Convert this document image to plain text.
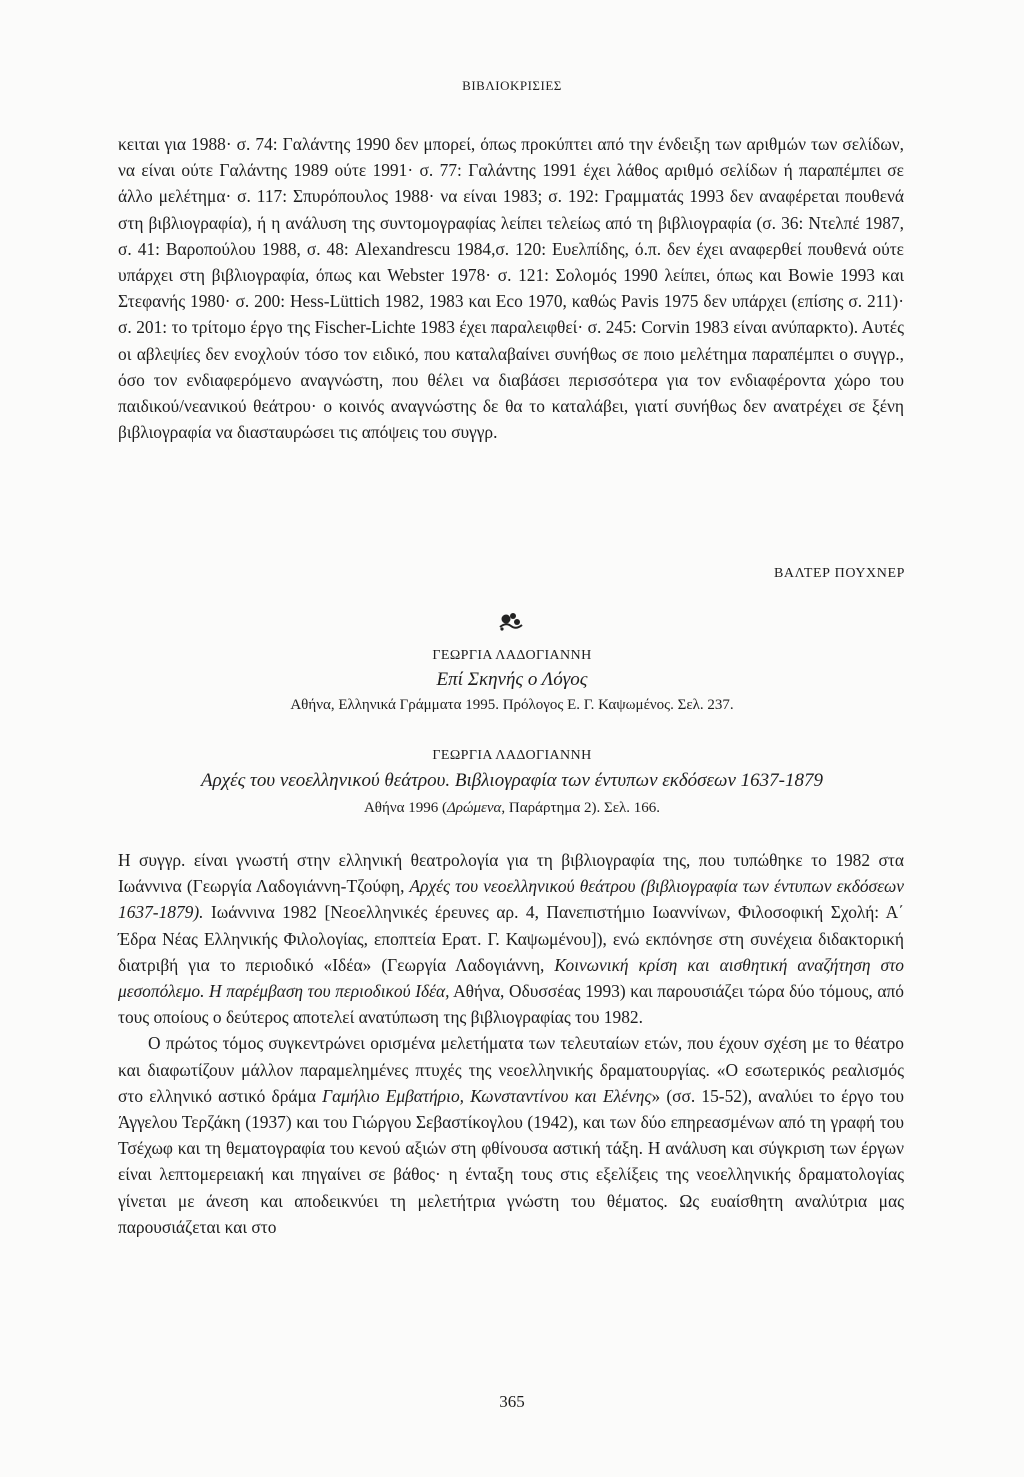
ΒΙΒΛΙΟΚΡΙΣΙΕΣ

κειται για 1988· σ. 74: Γαλάντης 1990 δεν μπορεί, όπως προκύπτει από την ένδειξη των αριθμών των σελίδων, να είναι ούτε Γαλάντης 1989 ούτε 1991· σ. 77: Γαλάντης 1991 έχει λάθος αριθμό σελίδων ή παραπέμπει σε άλλο μελέτημα· σ. 117: Σπυρόπουλος 1988· να είναι 1983; σ. 192: Γραμματάς 1993 δεν αναφέρεται πουθενά στη βιβλιογραφία), ή η ανάλυση της συντομογραφίας λείπει τελείως από τη βιβλιογραφία (σ. 36: Ντελπέ 1987, σ. 41: Βαροπούλου 1988, σ. 48: Alexandrescu 1984,σ. 120: Ευελπίδης, ό.π. δεν έχει αναφερθεί πουθενά ούτε υπάρχει στη βιβλιογραφία, όπως και Webster 1978· σ. 121: Σολομός 1990 λείπει, όπως και Bowie 1993 και Στεφανής 1980· σ. 200: Hess-Lüttich 1982, 1983 και Eco 1970, καθώς Pavis 1975 δεν υπάρχει (επίσης σ. 211)· σ. 201: το τρίτομο έργο της Fischer-Lichte 1983 έχει παραλειφθεί· σ. 245: Corvin 1983 είναι ανύπαρκτο). Αυτές οι αβλεψίες δεν ενοχλούν τόσο τον ειδικό, που καταλαβαίνει συνήθως σε ποιο μελέτημα παραπέμπει ο συγγρ., όσο τον ενδιαφερόμενο αναγνώστη, που θέλει να διαβάσει περισσότερα για τον ενδιαφέροντα χώρο του παιδικού/νεανικού θεάτρου· ο κοινός αναγνώστης δε θα το καταλάβει, γιατί συνήθως δεν ανατρέχει σε ξένη βιβλιογραφία να διασταυρώσει τις απόψεις του συγγρ.

ΒΑΛΤΕΡ ΠΟΥΧΝΕΡ
ΓΕΩΡΓΙΑ ΛΑΔΟΓΙΑΝΝΗ
Επί Σκηνής ο Λόγος
Αθήνα, Ελληνικά Γράμματα 1995. Πρόλογος Ε. Γ. Καψωμένος. Σελ. 237.
ΓΕΩΡΓΙΑ ΛΑΔΟΓΙΑΝΝΗ
Αρχές του νεοελληνικού θεάτρου. Βιβλιογραφία των έντυπων εκδόσεων 1637-1879
Αθήνα 1996 (Δρώμενα, Παράρτημα 2). Σελ. 166.

Η συγγρ. είναι γνωστή στην ελληνική θεατρολογία για τη βιβλιογραφία της, που τυπώθηκε το 1982 στα Ιωάννινα (Γεωργία Λαδογιάννη-Τζούφη, Αρχές του νεοελληνικού θεάτρου (βιβλιογραφία των έντυπων εκδόσεων 1637-1879). Ιωάννινα 1982 [Νεοελληνικές έρευνες αρ. 4, Πανεπιστήμιο Ιωαννίνων, Φιλοσοφική Σχολή: Α΄ Έδρα Νέας Ελληνικής Φιλολογίας, εποπτεία Ερατ. Γ. Καψωμένου]), ενώ εκπόνησε στη συνέχεια διδακτορική διατριβή για το περιοδικό «Ιδέα» (Γεωργία Λαδογιάννη, Κοινωνική κρίση και αισθητική αναζήτηση στο μεσοπόλεμο. Η παρέμβαση του περιοδικού Ιδέα, Αθήνα, Οδυσσέας 1993) και παρουσιάζει τώρα δύο τόμους, από τους οποίους ο δεύτερος αποτελεί ανατύπωση της βιβλιογραφίας του 1982.

Ο πρώτος τόμος συγκεντρώνει ορισμένα μελετήματα των τελευταίων ετών, που έχουν σχέση με το θέατρο και διαφωτίζουν μάλλον παραμελημένες πτυχές της νεοελληνικής δραματουργίας. «Ο εσωτερικός ρεαλισμός στο ελληνικό αστικό δράμα Γαμήλιο Εμβατήριο, Κωνσταντίνου και Ελένης» (σσ. 15-52), αναλύει το έργο του Άγγελου Τερζάκη (1937) και του Γιώργου Σεβαστίκογλου (1942), και των δύο επηρεασμένων από τη γραφή του Τσέχωφ και τη θεματογραφία του κενού αξιών στη φθίνουσα αστική τάξη. Η ανάλυση και σύγκριση των έργων είναι λεπτομερειακή και πηγαίνει σε βάθος· η ένταξη τους στις εξελίξεις της νεοελληνικής δραματολογίας γίνεται με άνεση και αποδεικνύει τη μελετήτρια γνώστη του θέματος. Ως ευαίσθητη αναλύτρια μας παρουσιάζεται και στο

365
